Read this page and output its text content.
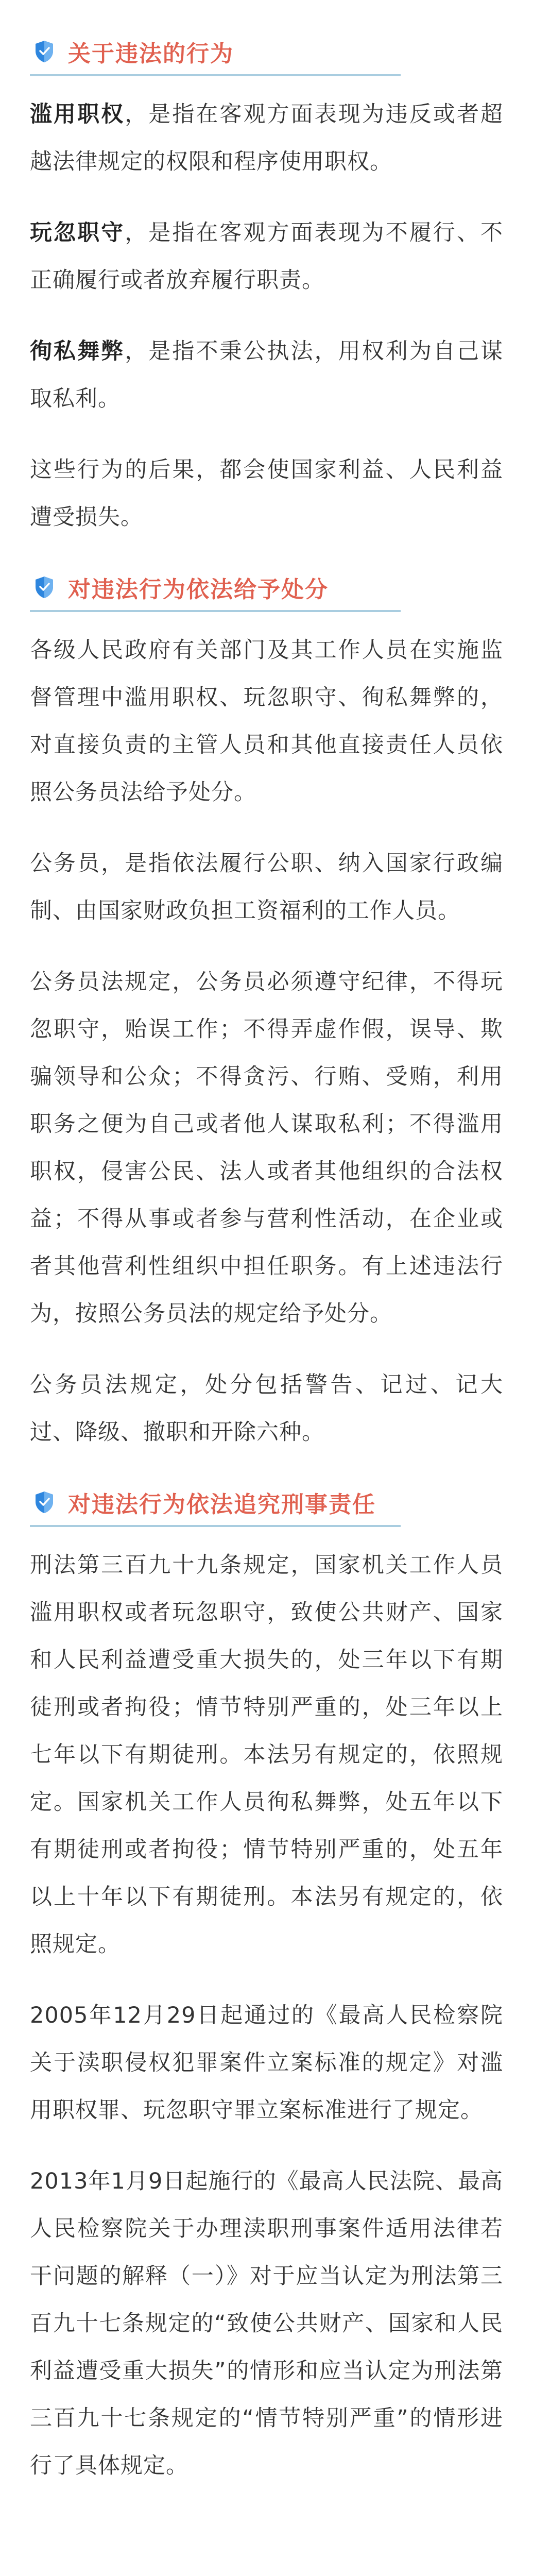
关于违法的行为

滥用职权，是指在客观方面表现为违反或者超越法律规定的权限和程序使用职权。

玩忽职守，是指在客观方面表现为不履行、不正确履行或者放弃履行职责。

徇私舞弊，是指不秉公执法，用权利为自己谋取私利。

这些行为的后果，都会使国家利益、人民利益遭受损失。

对违法行为依法给予处分

各级人民政府有关部门及其工作人员在实施监督管理中滥用职权、玩忽职守、徇私舞弊的，对直接负责的主管人员和其他直接责任人员依照公务员法给予处分。

公务员，是指依法履行公职、纳入国家行政编制、由国家财政负担工资福利的工作人员。

公务员法规定，公务员必须遵守纪律，不得玩忽职守，贻误工作；不得弄虚作假，误导、欺骗领导和公众；不得贪污、行贿、受贿，利用职务之便为自己或者他人谋取私利；不得滥用职权，侵害公民、法人或者其他组织的合法权益；不得从事或者参与营利性活动，在企业或者其他营利性组织中担任职务。有上述违法行为，按照公务员法的规定给予处分。

公务员法规定，处分包括警告、记过、记大过、降级、撤职和开除六种。

对违法行为依法追究刑事责任

刑法第三百九十九条规定，国家机关工作人员滥用职权或者玩忽职守，致使公共财产、国家和人民利益遭受重大损失的，处三年以下有期徒刑或者拘役；情节特别严重的，处三年以上七年以下有期徒刑。本法另有规定的，依照规定。国家机关工作人员徇私舞弊，处五年以下有期徒刑或者拘役；情节特别严重的，处五年以上十年以下有期徒刑。本法另有规定的，依照规定。

2005年12月29日起通过的《最高人民检察院关于渎职侵权犯罪案件立案标准的规定》对滥用职权罪、玩忽职守罪立案标准进行了规定。

2013年1月9日起施行的《最高人民法院、最高人民检察院关于办理渎职刑事案件适用法律若干问题的解释（一）》对于应当认定为刑法第三百九十七条规定的“致使公共财产、国家和人民利益遭受重大损失”的情形和应当认定为刑法第三百九十七条规定的“情节特别严重”的情形进行了具体规定。
